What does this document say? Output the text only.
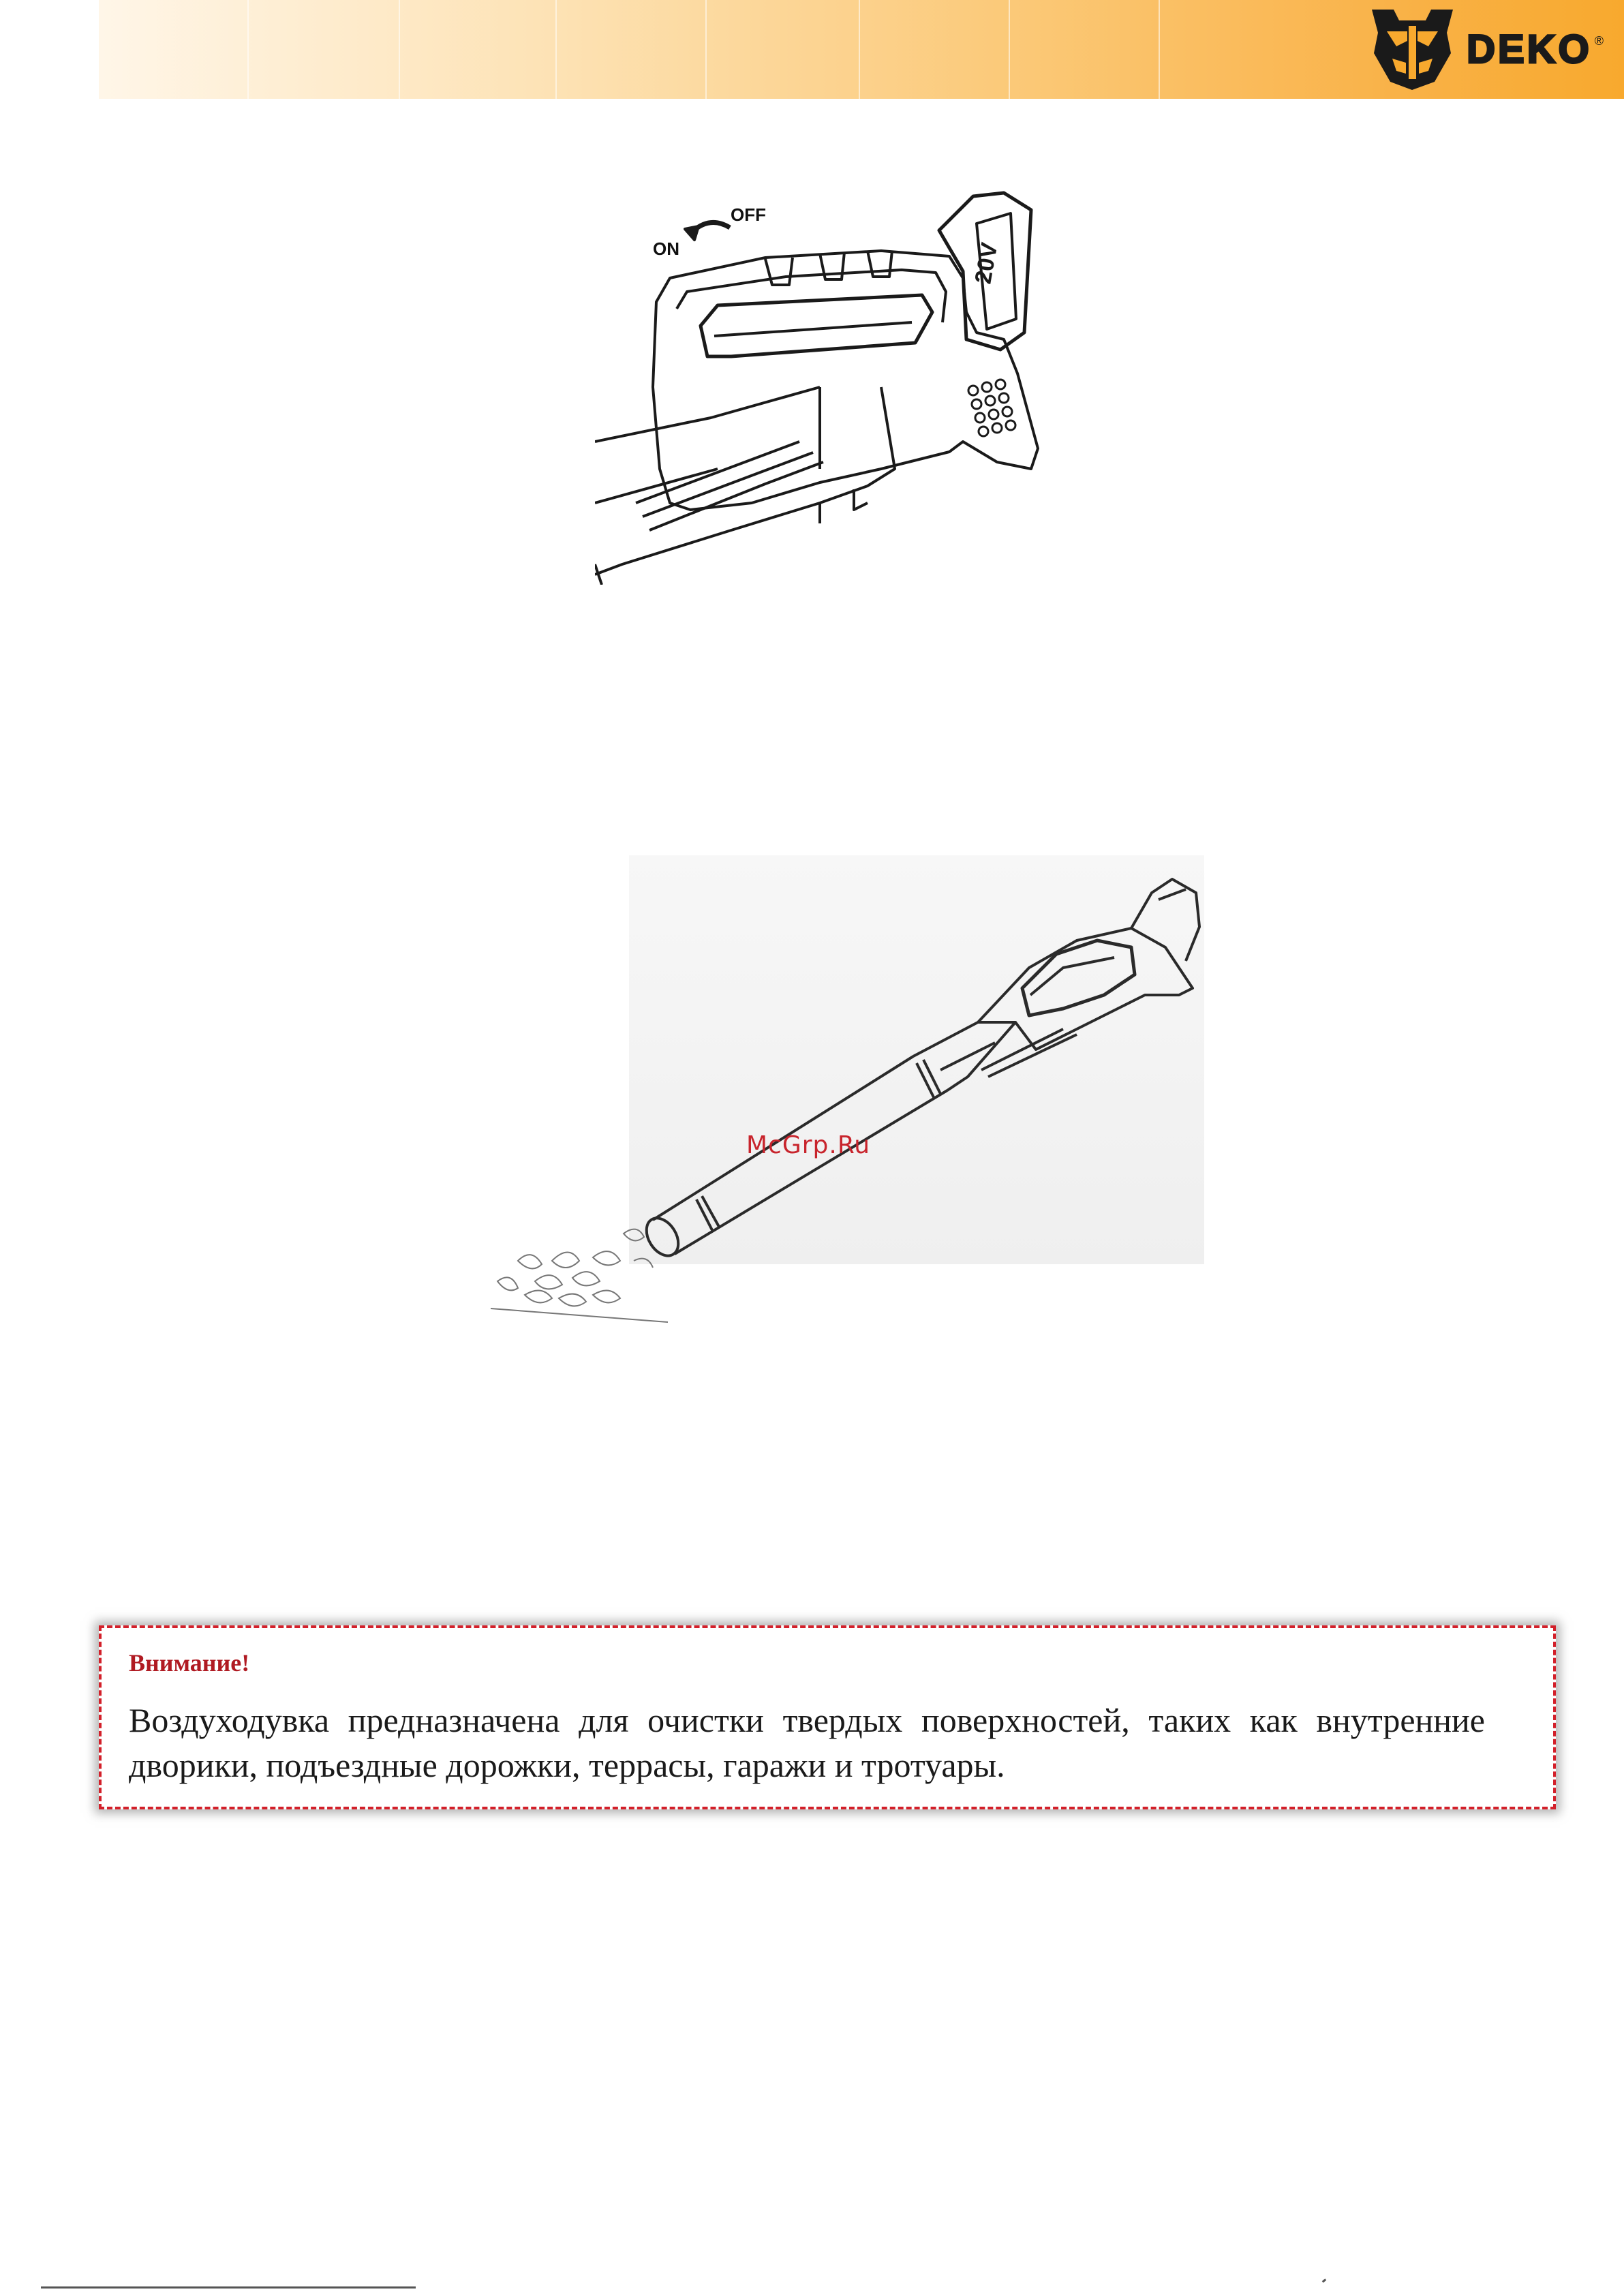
DEKO ®
20V
ON
OFF
McGrp.Ru
Внимание!
Воздуходувка предназначена для очистки твердых поверхностей, таких как внутренние дворики, подъездные дорожки, террасы, гаражи и тротуары.
